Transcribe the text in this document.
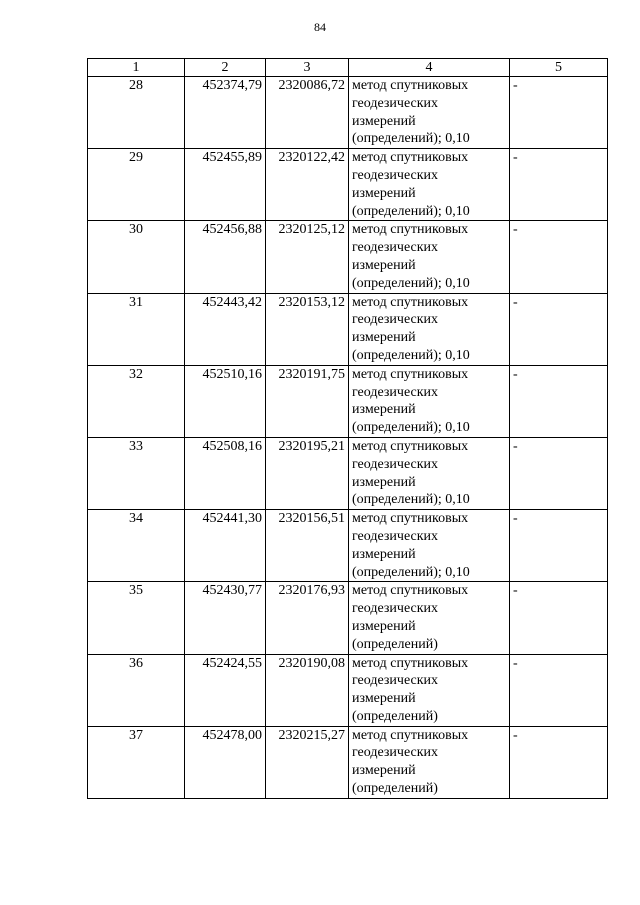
84
1	2	3	4	5
28	452374,79	2320086,72	метод спутниковых
геодезических
измерений
(определений); 0,10	-
29	452455,89	2320122,42	метод спутниковых
геодезических
измерений
(определений); 0,10	-
30	452456,88	2320125,12	метод спутниковых
геодезических
измерений
(определений); 0,10	-
31	452443,42	2320153,12	метод спутниковых
геодезических
измерений
(определений); 0,10	-
32	452510,16	2320191,75	метод спутниковых
геодезических
измерений
(определений); 0,10	-
33	452508,16	2320195,21	метод спутниковых
геодезических
измерений
(определений); 0,10	-
34	452441,30	2320156,51	метод спутниковых
геодезических
измерений
(определений); 0,10	-
35	452430,77	2320176,93	метод спутниковых
геодезических
измерений
(определений)	-
36	452424,55	2320190,08	метод спутниковых
геодезических
измерений
(определений)	-
37	452478,00	2320215,27	метод спутниковых
геодезических
измерений
(определений)	-
